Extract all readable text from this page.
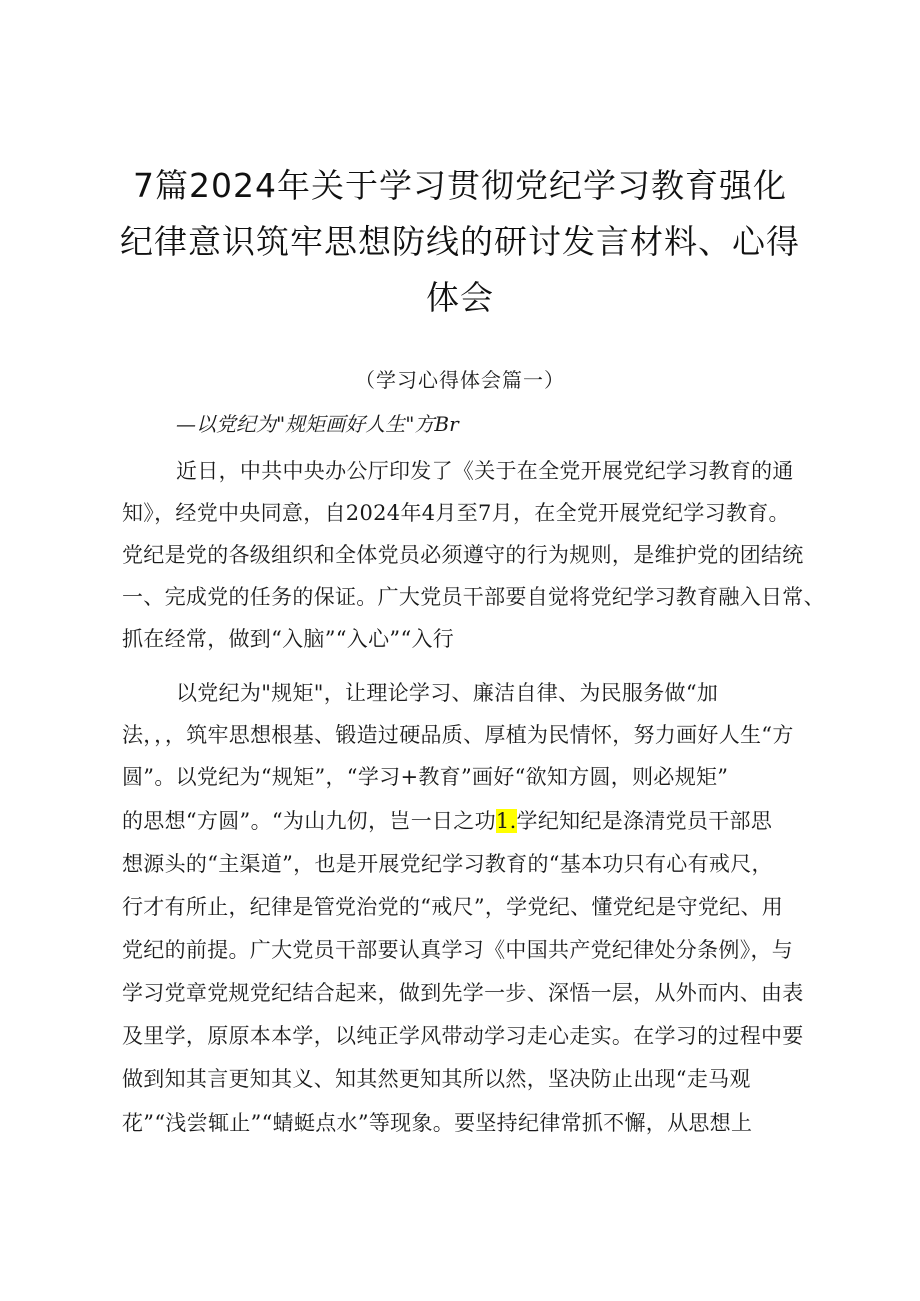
7篇2024年关于学习贯彻党纪学习教育强化
纪律意识筑牢思想防线的研讨发言材料、心得
体会
（学习心得体会篇一）
—以党纪为"规矩画好人生"方Br
近日，中共中央办公厅印发了《关于在全党开展党纪学习教育的通
知》，经党中央同意，自2024年4月至7月，在全党开展党纪学习教育。
党纪是党的各级组织和全体党员必须遵守的行为规则，是维护党的团结统
一、完成党的任务的保证。广大党员干部要自觉将党纪学习教育融入日常、
抓在经常，做到“入脑”“入心”“入行
以党纪为"规矩"，让理论学习、廉洁自律、为民服务做“加
法，，，筑牢思想根基、锻造过硬品质、厚植为民情怀，努力画好人生“方
圆”。以党纪为“规矩”，“学习+教育”画好“欲知方圆，则必规矩”
的思想“方圆”。“为山九仞，岂一日之功1.学纪知纪是涤清党员干部思
想源头的“主渠道”，也是开展党纪学习教育的“基本功只有心有戒尺，
行才有所止，纪律是管党治党的“戒尺”，学党纪、懂党纪是守党纪、用
党纪的前提。广大党员干部要认真学习《中国共产党纪律处分条例》，与
学习党章党规党纪结合起来，做到先学一步、深悟一层，从外而内、由表
及里学，原原本本学，以纯正学风带动学习走心走实。在学习的过程中要
做到知其言更知其义、知其然更知其所以然，坚决防止出现“走马观
花”“浅尝辄止”“蜻蜓点水”等现象。要坚持纪律常抓不懈，从思想上
